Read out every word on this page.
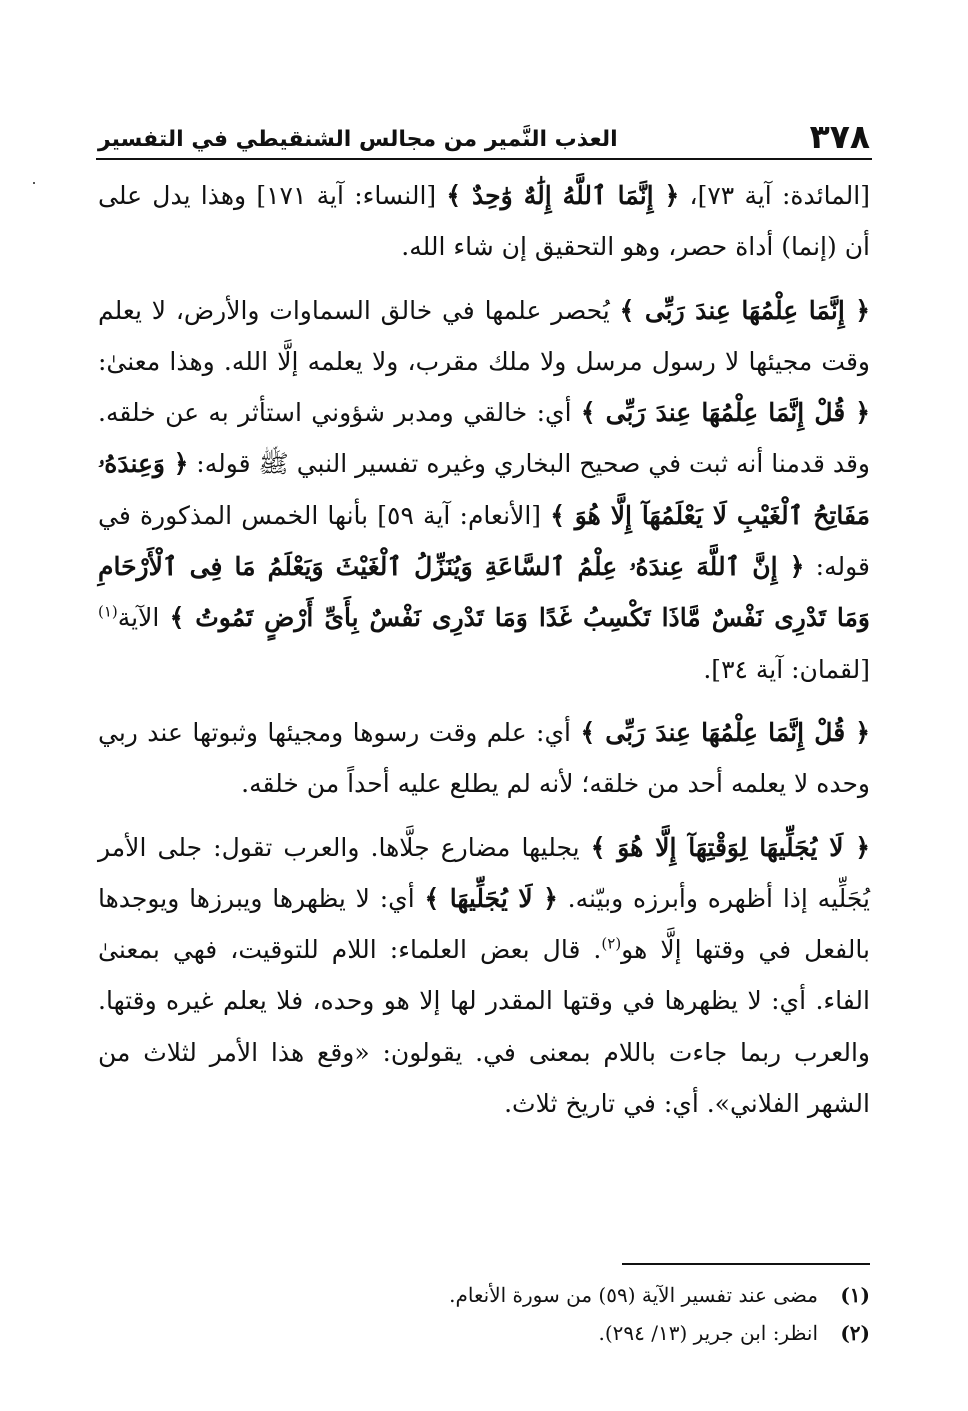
٣٧٨
العذب النَّمير من مجالس الشنقيطي في التفسير

[المائدة: آية ٧٣]، ﴿ إِنَّمَا ٱللَّهُ إِلَٰهٌ وَٰحِدٌ ﴾ [النساء: آية ١٧١] وهذا يدل على أن (إنما) أداة حصر، وهو التحقيق إن شاء الله.

﴿ إِنَّمَا عِلْمُهَا عِندَ رَبِّى ﴾ يُحصر علمها في خالق السماوات والأرض، لا يعلم وقت مجيئها لا رسول مرسل ولا ملك مقرب، ولا يعلمه إلَّا الله. وهذا معنىٰ: ﴿ قُلْ إِنَّمَا عِلْمُهَا عِندَ رَبِّى ﴾ أي: خالقي ومدبر شؤوني استأثر به عن خلقه. وقد قدمنا أنه ثبت في صحيح البخاري وغيره تفسير النبي ﷺ قوله: ﴿ وَعِندَهُۥ مَفَاتِحُ ٱلْغَيْبِ لَا يَعْلَمُهَآ إِلَّا هُوَ ﴾ [الأنعام: آية ٥٩] بأنها الخمس المذكورة في قوله: ﴿ إِنَّ ٱللَّهَ عِندَهُۥ عِلْمُ ٱلسَّاعَةِ وَيُنَزِّلُ ٱلْغَيْثَ وَيَعْلَمُ مَا فِى ٱلْأَرْحَامِ وَمَا تَدْرِى نَفْسٌ مَّاذَا تَكْسِبُ غَدًا وَمَا تَدْرِى نَفْسٌ بِأَىِّ أَرْضٍ تَمُوتُ ﴾ الآية$^{(١)}$ [لقمان: آية ٣٤].

﴿ قُلْ إِنَّمَا عِلْمُهَا عِندَ رَبِّى ﴾ أي: علم وقت رسوها ومجيئها وثبوتها عند ربي وحده لا يعلمه أحد من خلقه؛ لأنه لم يطلع عليه أحداً من خلقه.

﴿ لَا يُجَلِّيهَا لِوَقْتِهَآ إِلَّا هُوَ ﴾ يجليها مضارع جلَّاها. والعرب تقول: جلى الأمر يُجَلِّيه إذا أظهره وأبرزه وبيّنه. ﴿ لَا يُجَلِّيهَا ﴾ أي: لا يظهرها ويبرزها ويوجدها بالفعل في وقتها إلَّا هو$^{(٢)}$. قال بعض العلماء: اللام للتوقيت، فهي بمعنىٰ الفاء. أي: لا يظهرها في وقتها المقدر لها إلا هو وحده، فلا يعلم غيره وقتها. والعرب ربما جاءت باللام بمعنى في. يقولون: «وقع هذا الأمر لثلاث من الشهر الفلاني». أي: في تاريخ ثلاث.

(١)
مضى عند تفسير الآية (٥٩) من سورة الأنعام.
(٢)
انظر: ابن جرير (١٣/ ٢٩٤).
